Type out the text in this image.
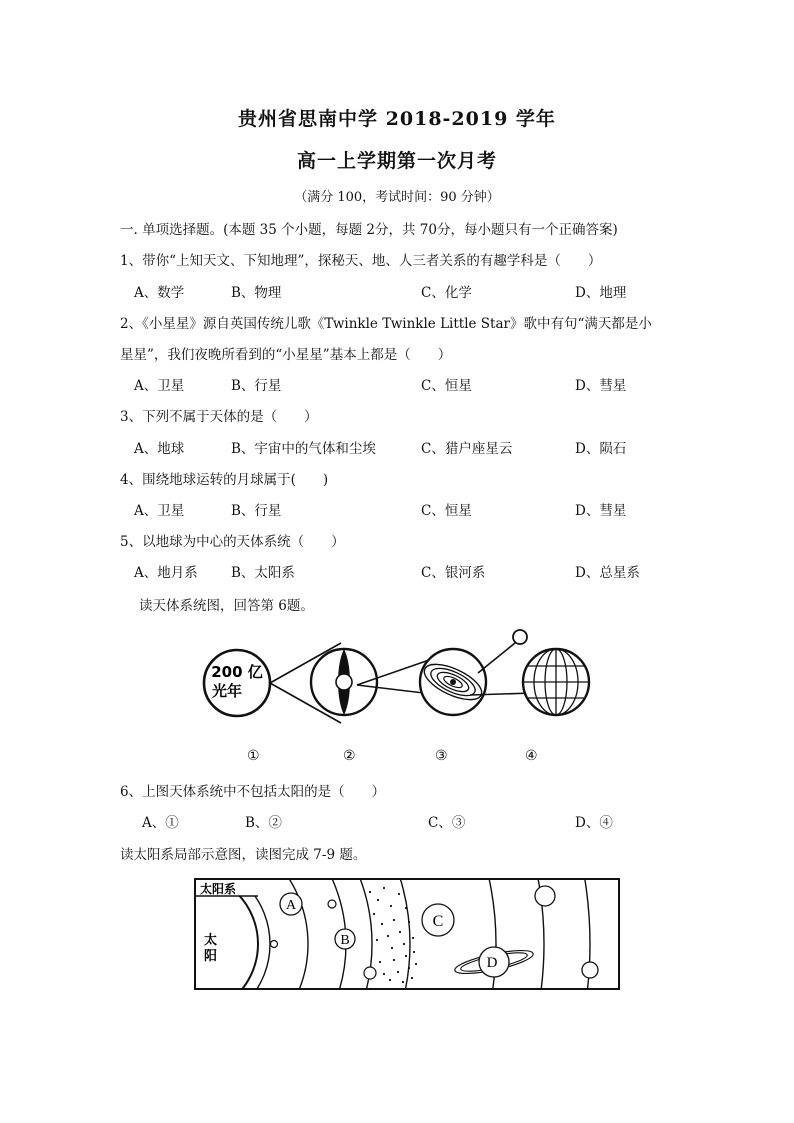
贵州省思南中学 2018-2019 学年
高一上学期第一次月考
（满分 100，考试时间：90 分钟）
一. 单项选择题。(本题 35 个小题，每题 2分，共 70分，每小题只有一个正确答案)
1、带你“上知天文、下知地理”，探秘天、地、人三者关系的有趣学科是（　　）
A、数学	B、物理	C、化学	D、地理
2、《小星星》源自英国传统儿歌《Twinkle Twinkle Little Star》歌中有句“满天都是小
星星”，我们夜晚所看到的“小星星”基本上都是（　　）
A、卫星	B、行星	C、恒星	D、彗星
3、下列不属于天体的是（　　）
A、地球	B、宇宙中的气体和尘埃	C、猎户座星云	D、陨石
4、围绕地球运转的月球属于(　　)
A、卫星	B、行星	C、恒星	D、彗星
5、以地球为中心的天体系统（　　）
A、地月系 B、太阳系	C、银河系	D、总星系
读天体系统图，回答第 6题。
200 亿
光年
①	②	③	④
6、上图天体系统中不包括太阳的是（　　）
A、①	B、②	C、③	D、④
读太阳系局部示意图，读图完成 7-9 题。
太阳系
太
阳
A
B
C
D
